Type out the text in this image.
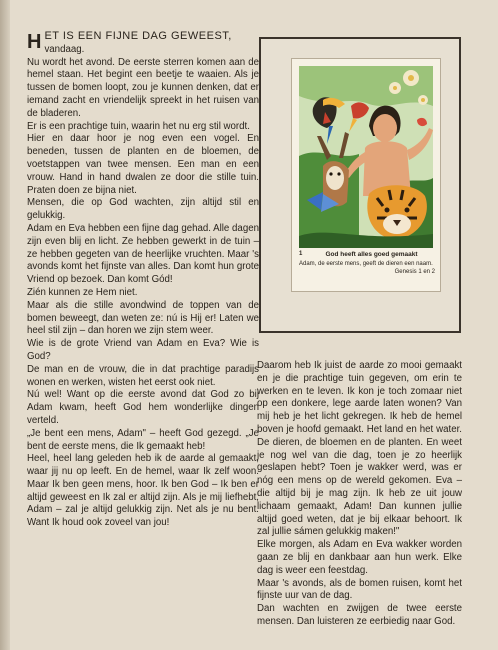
HET IS EEN FIJNE DAG GEWEEST,
vandaag.

Nu wordt het avond. De eerste sterren komen aan de hemel staan. Het begint een beetje te waaien. Als je tussen de bomen loopt, zou je kunnen denken, dat er iemand zacht en vriendelijk spreekt in het ruisen van de bladeren.

Er is een prachtige tuin, waarin het nu erg stil wordt.

Hier en daar hoor je nog even een vogel. En beneden, tussen de planten en de bloemen, de voetstappen van twee mensen. Een man en een vrouw. Hand in hand dwalen ze door die stille tuin. Praten doen ze bijna niet.

Mensen, die op God wachten, zijn altijd stil en gelukkig.

Adam en Eva hebben een fijne dag gehad. Alle dagen zijn even blij en licht. Ze hebben gewerkt in de tuin – ze hebben gegeten van de heerlijke vruchten. Maar 's avonds komt het fijnste van alles. Dan komt hun grote Vriend op bezoek. Dan komt Gód!

Zién kunnen ze Hem niet.

Maar als die stille avondwind de toppen van de bomen beweegt, dan weten ze: nú is Hij er! Laten we heel stil zijn – dan horen we zijn stem weer.

Wie is de grote Vriend van Adam en Eva? Wie is God?

De man en de vrouw, die in dat prachtige paradijs wonen en werken, wisten het eerst ook niet.

Nú wel! Want op die eerste avond dat God zo bij Adam kwam, heeft God hem wonderlijke dingen verteld.

„Je bent een mens, Adam" – heeft God gezegd. „Je bent de eerste mens, die Ik gemaakt heb!

Heel, heel lang geleden heb ik de aarde al gemaakt, waar jij nu op leeft. En de hemel, waar Ik zelf woon. Maar Ik ben geen mens, hoor. Ik ben God – Ik ben er altijd geweest en Ik zal er altijd zijn. Als je mij liefhebt, Adam – zal je altijd gelukkig zijn. Net als je nu bent. Want Ik houd ook zoveel van jou!

1	God heeft alles goed gemaakt
Adam, de eerste mens, geeft de dieren een naam.
Genesis 1 en 2

Daarom heb Ik juist de aarde zo mooi gemaakt en je die prachtige tuin gegeven, om erin te werken en te leven. Ik kon je toch zomaar niet op een donkere, lege aarde laten wonen? Van mij heb je het licht gekregen. Ik heb de hemel boven je hoofd gemaakt. Het land en het water. De dieren, de bloemen en de planten. En weet je nog wel van die dag, toen je zo heerlijk geslapen hebt? Toen je wakker werd, was er nóg een mens op de wereld gekomen. Eva – die altijd bij je mag zijn. Ik heb ze uit jouw lichaam gemaakt, Adam! Dan kunnen jullie altijd goed weten, dat je bij elkaar behoort. Ik zal jullie sámen gelukkig maken!"

Elke morgen, als Adam en Eva wakker worden gaan ze blij en dankbaar aan hun werk. Elke dag is weer een feestdag.

Maar 's avonds, als de bomen ruisen, komt het fijnste uur van de dag.

Dan wachten en zwijgen de twee eerste mensen. Dan luisteren ze eerbiedig naar God.
